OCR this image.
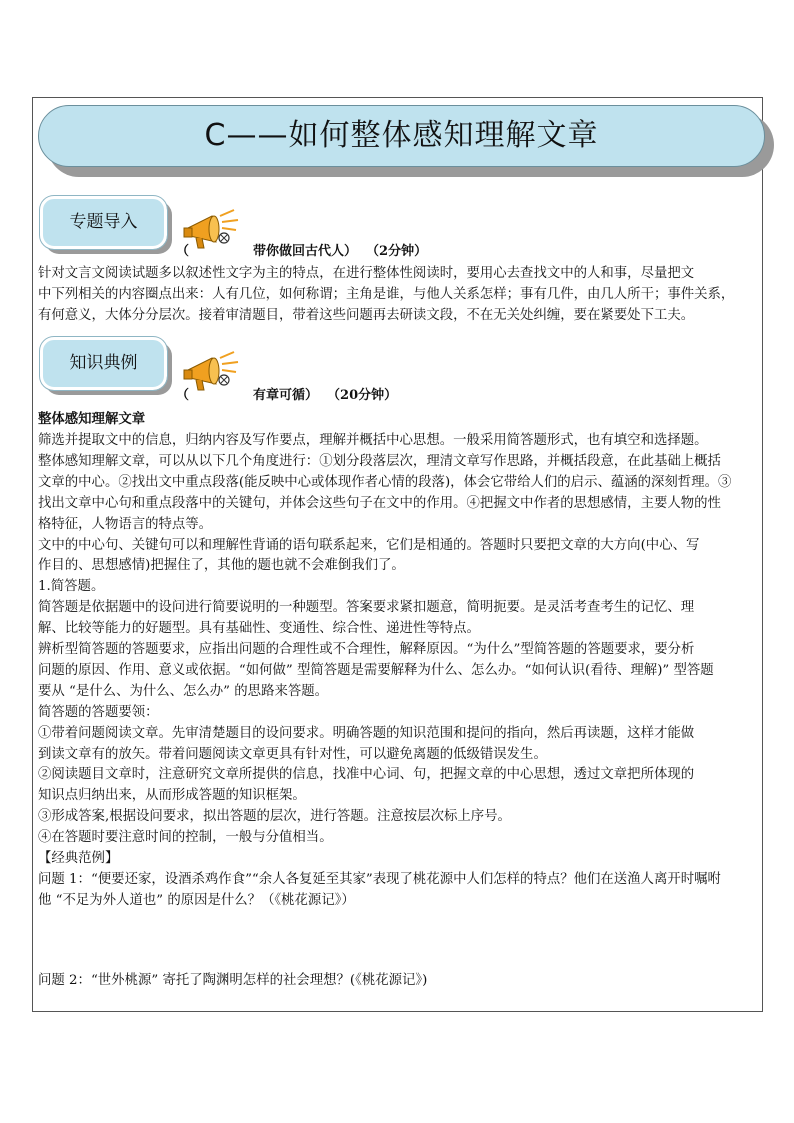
C——如何整体感知理解文章
专题导入
（	带你做回古代人）  （2分钟）

针对文言文阅读试题多以叙述性文字为主的特点，在进行整体性阅读时，要用心去查找文中的人和事，尽量把文

中下列相关的内容圈点出来：人有几位，如何称谓；主角是谁，与他人关系怎样；事有几件，由几人所干；事件关系，

有何意义，大体分分层次。接着审清题目，带着这些问题再去研读文段，不在无关处纠缠，要在紧要处下工夫。

知识典例
（	有章可循）  （20分钟）

整体感知理解文章

筛选并提取文中的信息，归纳内容及写作要点，理解并概括中心思想。一般采用简答题形式，也有填空和选择题。

整体感知理解文章，可以从以下几个角度进行：①划分段落层次，理清文章写作思路，并概括段意，在此基础上概括

文章的中心。②找出文中重点段落(能反映中心或体现作者心情的段落)，体会它带给人们的启示、蕴涵的深刻哲理。③

找出文章中心句和重点段落中的关键句，并体会这些句子在文中的作用。④把握文中作者的思想感情，主要人物的性

格特征，人物语言的特点等。

文中的中心句、关键句可以和理解性背诵的语句联系起来，它们是相通的。答题时只要把文章的大方向(中心、写

作目的、思想感情)把握住了，其他的题也就不会难倒我们了。

1.简答题。

简答题是依据题中的设问进行简要说明的一种题型。答案要求紧扣题意，简明扼要。是灵活考查考生的记忆、理

解、比较等能力的好题型。具有基础性、变通性、综合性、递进性等特点。

辨析型简答题的答题要求，应指出问题的合理性或不合理性，解释原因。“为什么”型简答题的答题要求，要分析

问题的原因、作用、意义或依据。“如何做” 型简答题是需要解释为什么、怎么办。“如何认识(看待、理解)” 型答题

要从 “是什么、为什么、怎么办” 的思路来答题。

简答题的答题要领：

①带着问题阅读文章。先审清楚题目的设问要求。明确答题的知识范围和提问的指向，然后再读题，这样才能做

到读文章有的放矢。带着问题阅读文章更具有针对性，可以避免离题的低级错误发生。

②阅读题目文章时，注意研究文章所提供的信息，找准中心词、句，把握文章的中心思想，透过文章把所体现的

知识点归纳出来，从而形成答题的知识框架。

③形成答案,根据设问要求，拟出答题的层次，进行答题。注意按层次标上序号。

④在答题时要注意时间的控制，一般与分值相当。

【经典范例】

问题 1：“便要还家，设酒杀鸡作食”“余人各复延至其家”表现了桃花源中人们怎样的特点？他们在送渔人离开时嘱咐

他 “不足为外人道也” 的原因是什么？（《桃花源记》）

问题 2：“世外桃源” 寄托了陶渊明怎样的社会理想？(《桃花源记》)
